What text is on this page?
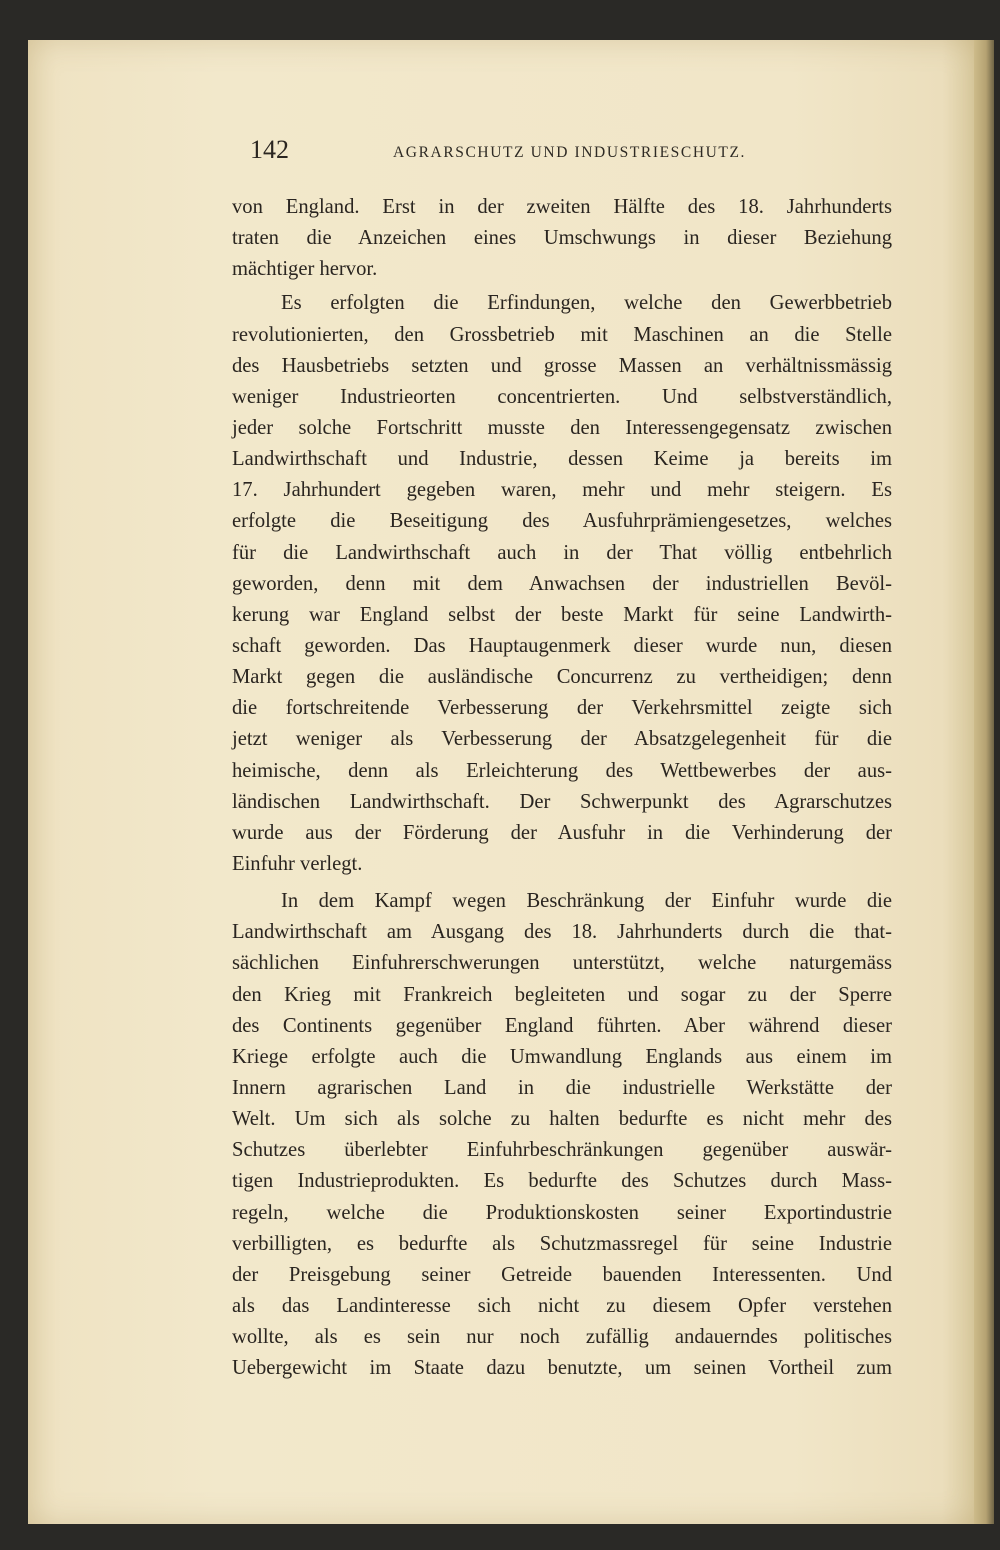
142	AGRARSCHUTZ UND INDUSTRIESCHUTZ.
von England. Erst in der zweiten Hälfte des 18. Jahrhunderts
traten die Anzeichen eines Umschwungs in dieser Beziehung
mächtiger hervor.
Es erfolgten die Erfindungen, welche den Gewerbbetrieb
revolutionierten, den Grossbetrieb mit Maschinen an die Stelle
des Hausbetriebs setzten und grosse Massen an verhältnissmässig
weniger Industrieorten concentrierten. Und selbstverständlich,
jeder solche Fortschritt musste den Interessengegensatz zwischen
Landwirthschaft und Industrie, dessen Keime ja bereits im
17. Jahrhundert gegeben waren, mehr und mehr steigern. Es
erfolgte die Beseitigung des Ausfuhrprämiengesetzes, welches
für die Landwirthschaft auch in der That völlig entbehrlich
geworden, denn mit dem Anwachsen der industriellen Bevöl-
kerung war England selbst der beste Markt für seine Landwirth-
schaft geworden. Das Hauptaugenmerk dieser wurde nun, diesen
Markt gegen die ausländische Concurrenz zu vertheidigen; denn
die fortschreitende Verbesserung der Verkehrsmittel zeigte sich
jetzt weniger als Verbesserung der Absatzgelegenheit für die
heimische, denn als Erleichterung des Wettbewerbes der aus-
ländischen Landwirthschaft. Der Schwerpunkt des Agrarschutzes
wurde aus der Förderung der Ausfuhr in die Verhinderung der
Einfuhr verlegt.
In dem Kampf wegen Beschränkung der Einfuhr wurde die
Landwirthschaft am Ausgang des 18. Jahrhunderts durch die that-
sächlichen Einfuhrerschwerungen unterstützt, welche naturgemäss
den Krieg mit Frankreich begleiteten und sogar zu der Sperre
des Continents gegenüber England führten. Aber während dieser
Kriege erfolgte auch die Umwandlung Englands aus einem im
Innern agrarischen Land in die industrielle Werkstätte der
Welt. Um sich als solche zu halten bedurfte es nicht mehr des
Schutzes überlebter Einfuhrbeschränkungen gegenüber auswär-
tigen Industrieprodukten. Es bedurfte des Schutzes durch Mass-
regeln, welche die Produktionskosten seiner Exportindustrie
verbilligten, es bedurfte als Schutzmassregel für seine Industrie
der Preisgebung seiner Getreide bauenden Interessenten. Und
als das Landinteresse sich nicht zu diesem Opfer verstehen
wollte, als es sein nur noch zufällig andauerndes politisches
Uebergewicht im Staate dazu benutzte, um seinen Vortheil zum
